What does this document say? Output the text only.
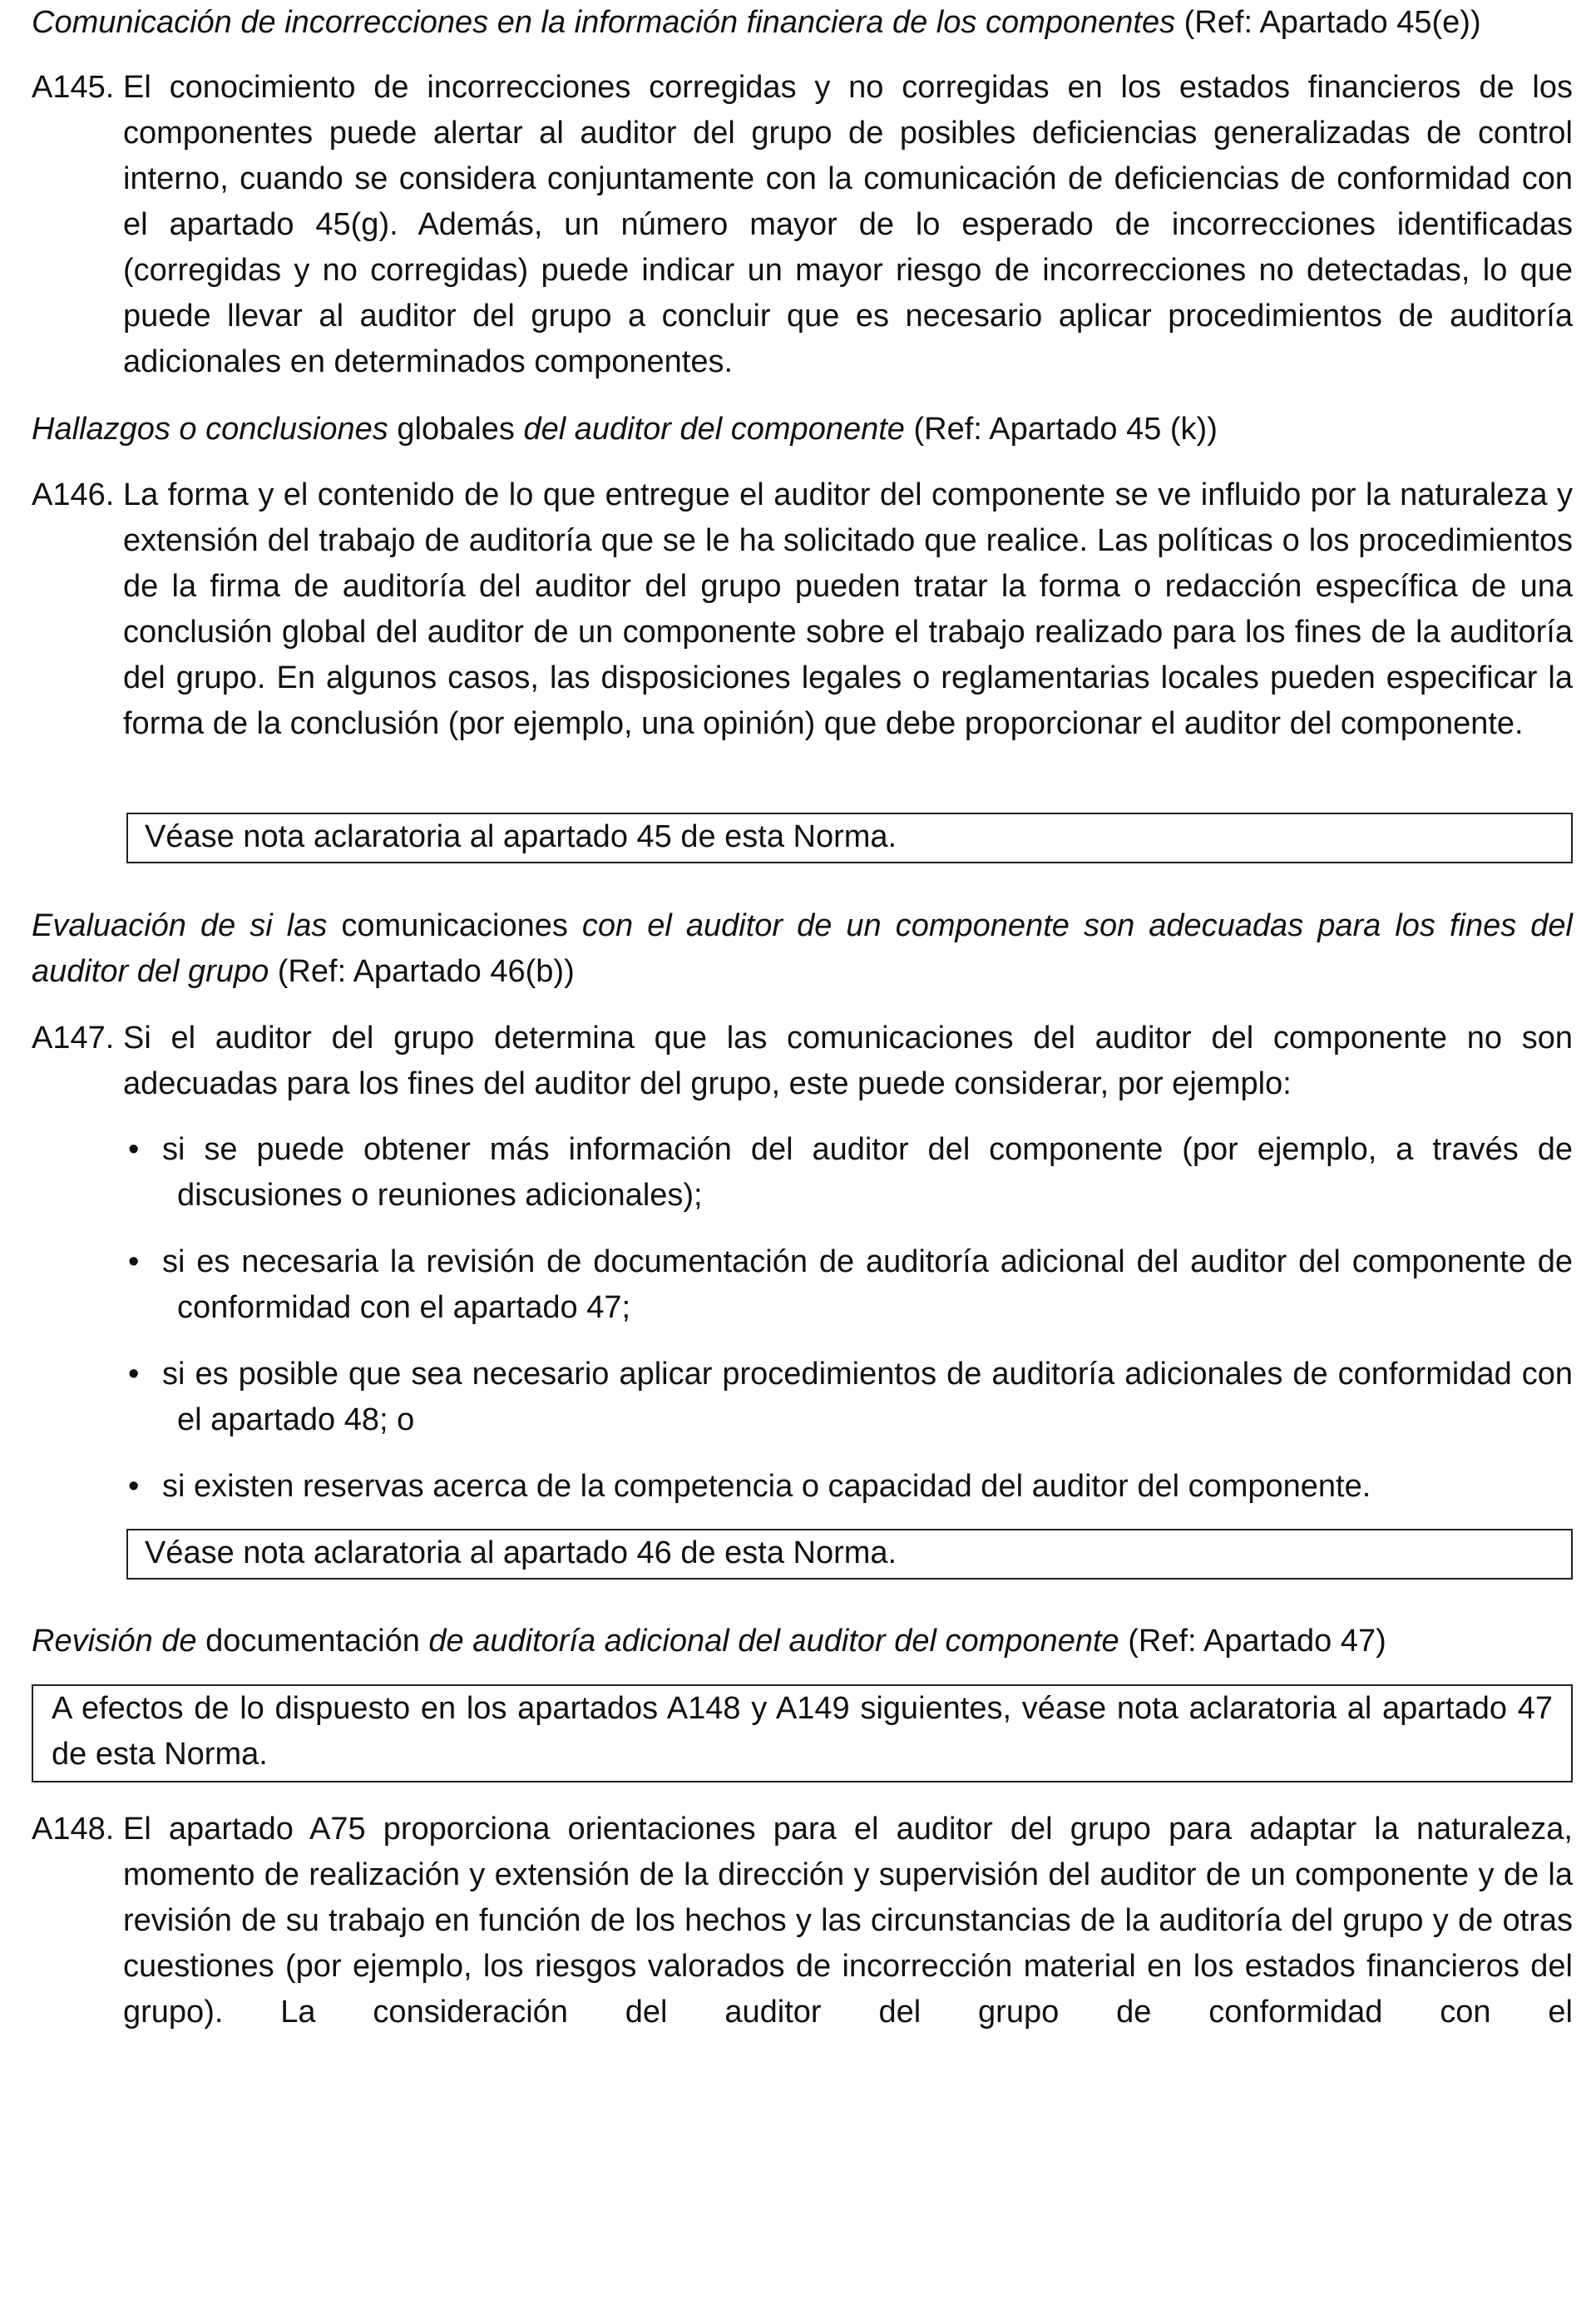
Comunicación de incorrecciones en la información financiera de los componentes (Ref: Apartado 45(e))

A145. El conocimiento de incorrecciones corregidas y no corregidas en los estados financieros de los componentes puede alertar al auditor del grupo de posibles deficiencias generalizadas de control interno, cuando se considera conjuntamente con la comunicación de deficiencias de conformidad con el apartado 45(g). Además, un número mayor de lo esperado de incorrecciones identificadas (corregidas y no corregidas) puede indicar un mayor riesgo de incorrecciones no detectadas, lo que puede llevar al auditor del grupo a concluir que es necesario aplicar procedimientos de auditoría adicionales en determinados componentes.

Hallazgos o conclusiones globales del auditor del componente (Ref: Apartado 45 (k))

A146. La forma y el contenido de lo que entregue el auditor del componente se ve influido por la naturaleza y extensión del trabajo de auditoría que se le ha solicitado que realice. Las políticas o los procedimientos de la firma de auditoría del auditor del grupo pueden tratar la forma o redacción específica de una conclusión global del auditor de un componente sobre el trabajo realizado para los fines de la auditoría del grupo. En algunos casos, las disposiciones legales o reglamentarias locales pueden especificar la forma de la conclusión (por ejemplo, una opinión) que debe proporcionar el auditor del componente.
Véase nota aclaratoria al apartado 45 de esta Norma.

Evaluación de si las comunicaciones con el auditor de un componente son adecuadas para los fines del auditor del grupo (Ref: Apartado 46(b))

A147. Si el auditor del grupo determina que las comunicaciones del auditor del componente no son adecuadas para los fines del auditor del grupo, este puede considerar, por ejemplo:
• si se puede obtener más información del auditor del componente (por ejemplo, a través de discusiones o reuniones adicionales);
• si es necesaria la revisión de documentación de auditoría adicional del auditor del componente de conformidad con el apartado 47;
• si es posible que sea necesario aplicar procedimientos de auditoría adicionales de conformidad con el apartado 48; o
• si existen reservas acerca de la competencia o capacidad del auditor del componente.
Véase nota aclaratoria al apartado 46 de esta Norma.

Revisión de documentación de auditoría adicional del auditor del componente (Ref: Apartado 47)

A efectos de lo dispuesto en los apartados A148 y A149 siguientes, véase nota aclaratoria al apartado 47 de esta Norma.
A148. El apartado A75 proporciona orientaciones para el auditor del grupo para adaptar la naturaleza, momento de realización y extensión de la dirección y supervisión del auditor de un componente y de la revisión de su trabajo en función de los hechos y las circunstancias de la auditoría del grupo y de otras cuestiones (por ejemplo, los riesgos valorados de incorrección material en los estados financieros del grupo). La consideración del auditor del grupo de conformidad con el
